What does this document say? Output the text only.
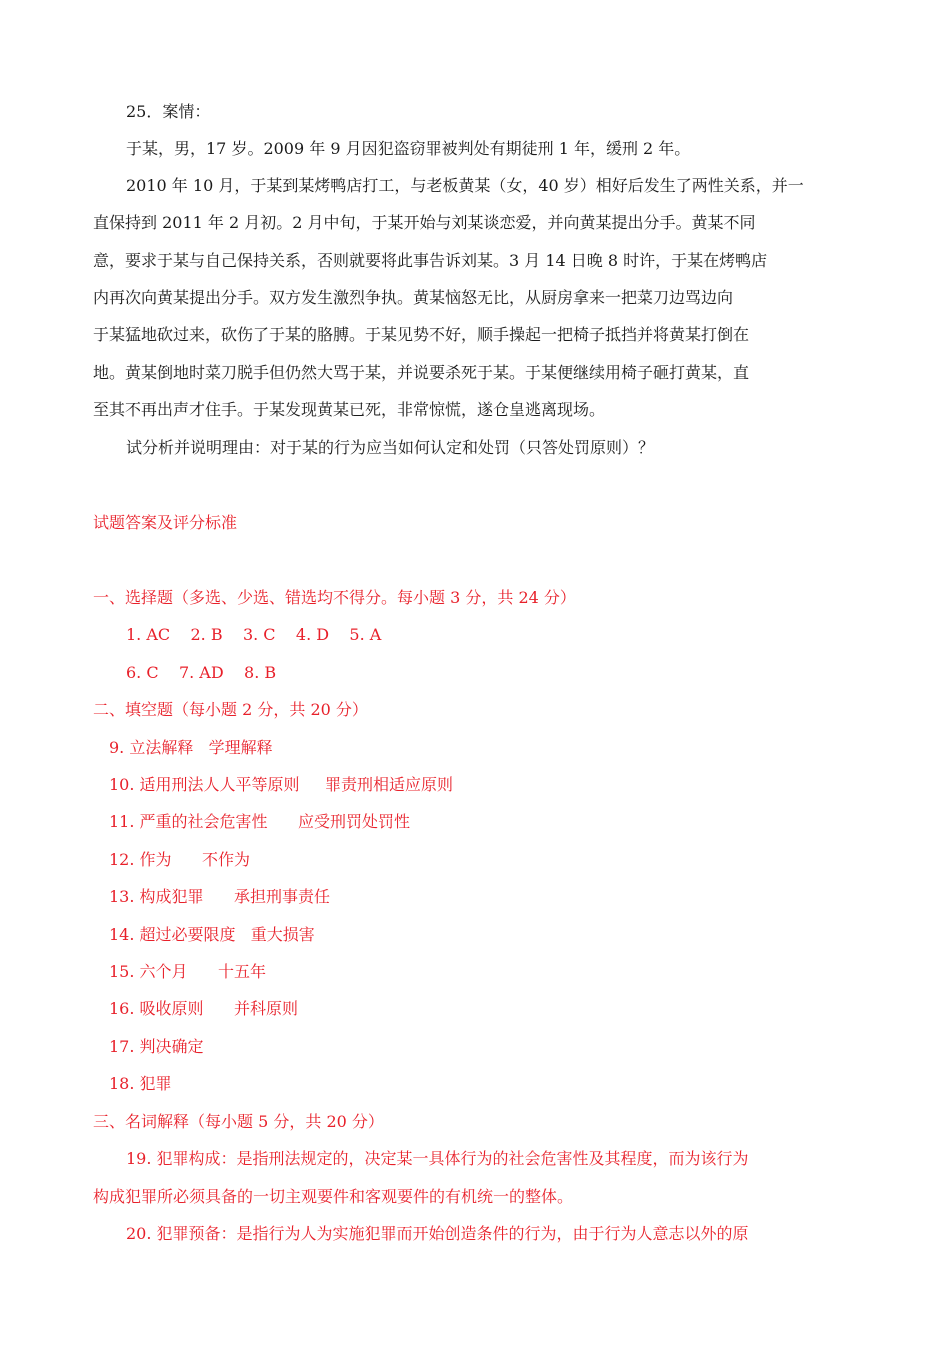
25．案情：
于某，男，17 岁。2009 年 9 月因犯盗窃罪被判处有期徒刑 1 年，缓刑 2 年。
2010 年 10 月，于某到某烤鸭店打工，与老板黄某（女，40 岁）相好后发生了两性关系，并一
直保持到 2011 年 2 月初。2 月中旬，于某开始与刘某谈恋爱，并向黄某提出分手。黄某不同
意，要求于某与自己保持关系，否则就要将此事告诉刘某。3 月 14 日晚 8 时许，于某在烤鸭店
内再次向黄某提出分手。双方发生激烈争执。黄某恼怒无比，从厨房拿来一把菜刀边骂边向
于某猛地砍过来，砍伤了于某的胳膊。于某见势不好，顺手操起一把椅子抵挡并将黄某打倒在
地。黄某倒地时菜刀脱手但仍然大骂于某，并说要杀死于某。于某便继续用椅子砸打黄某，直
至其不再出声才住手。于某发现黄某已死，非常惊慌，遂仓皇逃离现场。
试分析并说明理由：对于某的行为应当如何认定和处罚（只答处罚原则）？
试题答案及评分标准
一、选择题（多选、少选、错选均不得分。每小题 3 分，共 24 分）
1. AC    2. B    3. C    4. D    5. A
6. C    7. AD    8. B
二、填空题（每小题 2 分，共 20 分）
9. 立法解释   学理解释
10. 适用刑法人人平等原则     罪责刑相适应原则
11. 严重的社会危害性      应受刑罚处罚性
12. 作为      不作为
13. 构成犯罪      承担刑事责任
14. 超过必要限度   重大损害
15. 六个月      十五年
16. 吸收原则      并科原则
17. 判决确定
18. 犯罪
三、名词解释（每小题 5 分，共 20 分）
19. 犯罪构成：是指刑法规定的，决定某一具体行为的社会危害性及其程度，而为该行为
构成犯罪所必须具备的一切主观要件和客观要件的有机统一的整体。
20. 犯罪预备：是指行为人为实施犯罪而开始创造条件的行为，由于行为人意志以外的原
